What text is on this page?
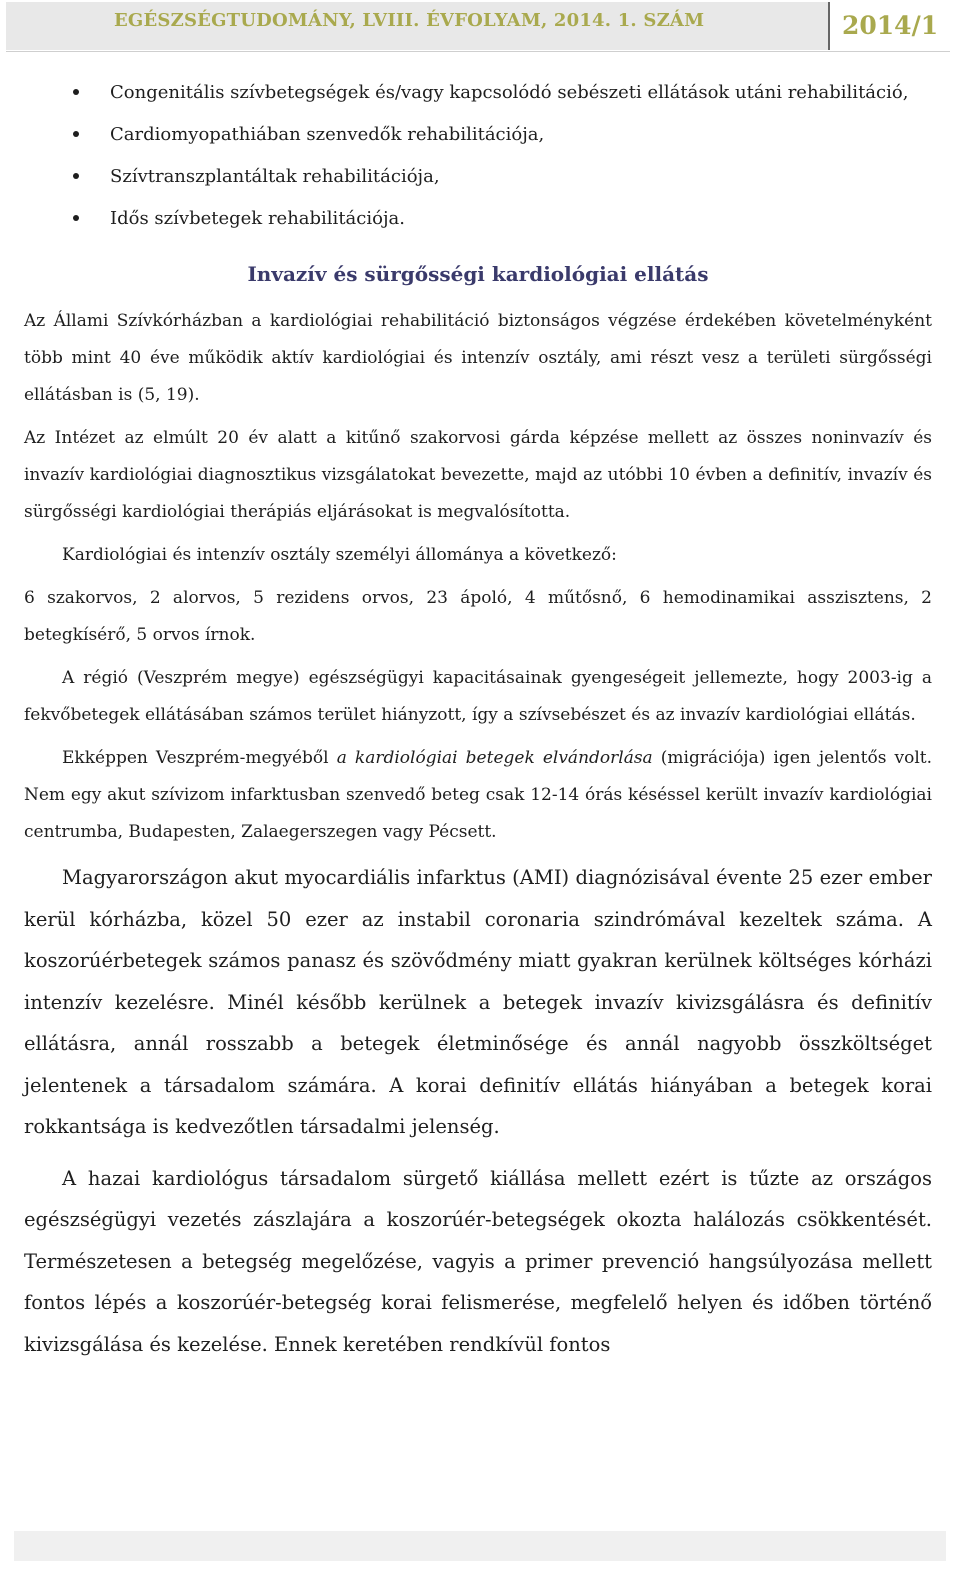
EGÉSZSÉGTUDOMÁNY, LVIII. ÉVFOLYAM, 2014. 1. SZÁM	2014/1
Congenitális szívbetegségek és/vagy kapcsolódó sebészeti ellátások utáni rehabilitáció,
Cardiomyopathiában szenvedők rehabilitációja,
Szívtranszplantáltak rehabilitációja,
Idős szívbetegek rehabilitációja.
Invazív és sürgősségi kardiológiai ellátás

Az Állami Szívkórházban a kardiológiai rehabilitáció biztonságos végzése érdekében követelményként több mint 40 éve működik aktív kardiológiai és intenzív osztály, ami részt vesz a területi sürgősségi ellátásban is (5, 19).

Az Intézet az elmúlt 20 év alatt a kitűnő szakorvosi gárda képzése mellett az összes noninvazív és invazív kardiológiai diagnosztikus vizsgálatokat bevezette, majd az utóbbi 10 évben a definitív, invazív és sürgősségi kardiológiai therápiás eljárásokat is megvalósította.

Kardiológiai és intenzív osztály személyi állománya a következő:

6 szakorvos, 2 alorvos, 5 rezidens orvos, 23 ápoló, 4 műtősnő, 6 hemodinamikai asszisztens, 2 betegkísérő, 5 orvos írnok.

A régió (Veszprém megye) egészségügyi kapacitásainak gyengeségeit jellemezte, hogy 2003-ig a fekvőbetegek ellátásában számos terület hiányzott, így a szívsebészet és az invazív kardiológiai ellátás.

Ekképpen Veszprém-megyéből a kardiológiai betegek elvándorlása (migrációja) igen jelentős volt. Nem egy akut szívizom infarktusban szenvedő beteg csak 12-14 órás késéssel került invazív kardiológiai centrumba, Budapesten, Zalaegerszegen vagy Pécsett.

Magyarországon akut myocardiális infarktus (AMI) diagnózisával évente 25 ezer ember kerül kórházba, közel 50 ezer az instabil coronaria szindrómával kezeltek száma. A koszorúérbetegek számos panasz és szövődmény miatt gyakran kerülnek költséges kórházi intenzív kezelésre. Minél később kerülnek a betegek invazív kivizsgálásra és definitív ellátásra, annál rosszabb a betegek életminősége és annál nagyobb összköltséget jelentenek a társadalom számára. A korai definitív ellátás hiányában a betegek korai rokkantsága is kedvezőtlen társadalmi jelenség.

A hazai kardiológus társadalom sürgető kiállása mellett ezért is tűzte az országos egészségügyi vezetés zászlajára a koszorúér-betegségek okozta halálozás csökkentését. Természetesen a betegség megelőzése, vagyis a primer prevenció hangsúlyozása mellett fontos lépés a koszorúér-betegség korai felismerése, megfelelő helyen és időben történő kivizsgálása és kezelése. Ennek keretében rendkívül fontos
